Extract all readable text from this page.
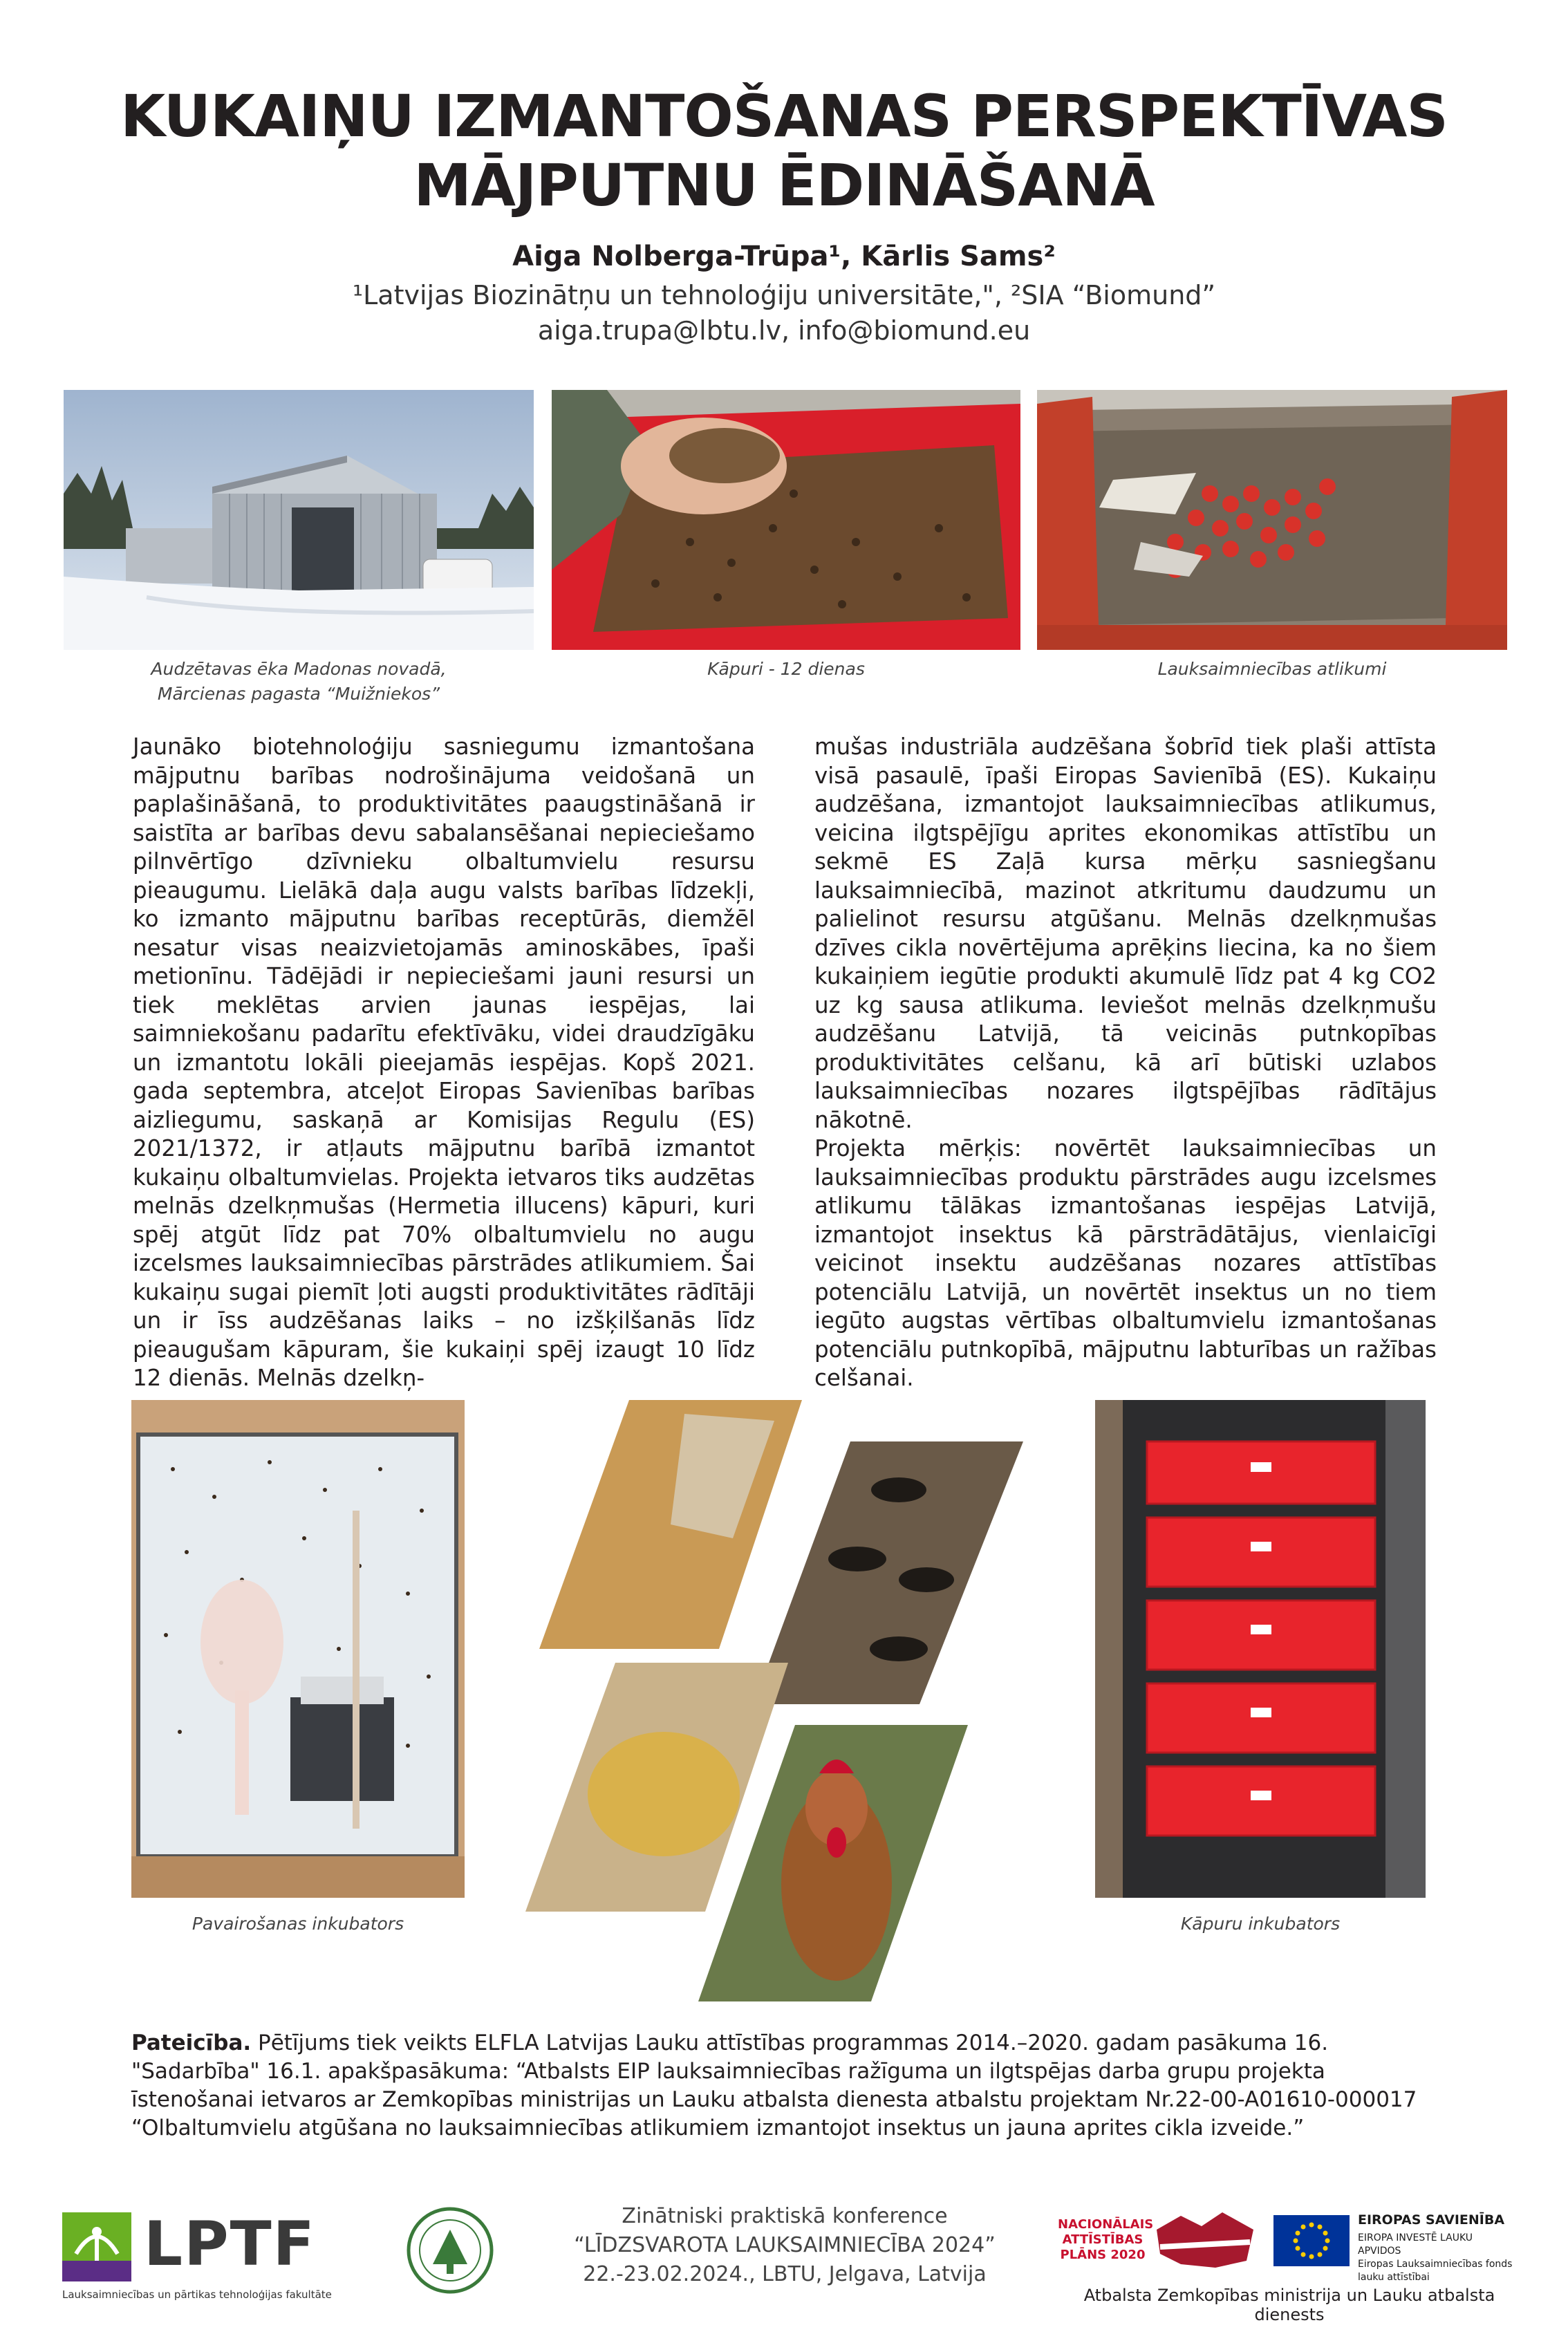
KUKAIŅU IZMANTOŠANAS PERSPEKTĪVAS
MĀJPUTNU ĒDINĀŠANĀ
Aiga Nolberga-Trūpa¹, Kārlis Sams²
¹Latvijas Biozinātņu un tehnoloģiju universitāte,", ²SIA “Biomund”
aiga.trupa@lbtu.lv, info@biomund.eu
Audzētavas ēka Madonas novadā,
Mārcienas pagasta “Muižniekos”
Kāpuri - 12 dienas	Lauksaimniecības atlikumi

Jaunāko biotehnoloģiju sasniegumu izmantošana mājputnu barības nodrošinājuma veidošanā un paplašināšanā, to produktivitātes paaugstināšanā ir saistīta ar barības devu sabalansēšanai nepieciešamo pilnvērtīgo dzīvnieku olbaltumvielu resursu pieaugumu. Lielākā daļa augu valsts barības līdzekļi, ko izmanto mājputnu barības receptūrās, diemžēl nesatur visas neaizvietojamās aminoskābes, īpaši metionīnu. Tādējādi ir nepieciešami jauni resursi un tiek meklētas arvien jaunas iespējas, lai saimniekošanu padarītu efektīvāku, videi draudzīgāku un izmantotu lokāli pieejamās iespējas. Kopš 2021. gada septembra, atceļot Eiropas Savienības barības aizliegumu, saskaņā ar Komisijas Regulu (ES) 2021/1372, ir atļauts mājputnu barībā izmantot kukaiņu olbaltumvielas. Projekta ietvaros tiks audzētas melnās dzelkņmušas (Hermetia illucens) kāpuri, kuri spēj atgūt līdz pat 70% olbaltumvielu no augu izcelsmes lauksaimniecības pārstrādes atlikumiem. Šai kukaiņu sugai piemīt ļoti augsti produktivitātes rādītāji un ir īss audzēšanas laiks – no izšķilšanās līdz pieaugušam kāpuram, šie kukaiņi spēj izaugt 10 līdz 12 dienās. Melnās dzelkņ-

mušas industriāla audzēšana šobrīd tiek plaši attīsta visā pasaulē, īpaši Eiropas Savienībā (ES). Kukaiņu audzēšana, izmantojot lauksaimniecības atlikumus, veicina ilgtspējīgu aprites ekonomikas attīstību un sekmē ES Zaļā kursa mērķu sasniegšanu lauksaimniecībā, mazinot atkritumu daudzumu un palielinot resursu atgūšanu. Melnās dzelkņmušas dzīves cikla novērtējuma aprēķins liecina, ka no šiem kukaiņiem iegūtie produkti akumulē līdz pat 4 kg CO2 uz kg sausa atlikuma. Ieviešot melnās dzelkņmušu audzēšanu Latvijā, tā veicinās putnkopības produktivitātes celšanu, kā arī būtiski uzlabos lauksaimniecības nozares ilgtspējības rādītājus nākotnē.

Projekta mērķis: novērtēt lauksaimniecības un lauksaimniecības produktu pārstrādes augu izcelsmes atlikumu tālākas izmantošanas iespējas Latvijā, izmantojot insektus kā pārstrādātājus, vienlaicīgi veicinot insektu audzēšanas nozares attīstības potenciālu Latvijā, un novērtēt insektus un no tiem iegūto augstas vērtības olbaltumvielu izmantošanas potenciālu putnkopībā, mājputnu labturības un ražības celšanai.

Pavairošanas inkubators	Kāpuru inkubators
Pateicība. Pētījums tiek veikts ELFLA Latvijas Lauku attīstības programmas 2014.–2020. gadam pasākuma 16. "Sadarbība" 16.1. apakšpasākuma: “Atbalsts EIP lauksaimniecības ražīguma un ilgtspējas darba grupu projekta īstenošanai ietvaros ar Zemkopības ministrijas un Lauku atbalsta dienesta atbalstu projektam Nr.22-00-A01610-000017 “Olbaltumvielu atgūšana no lauksaimniecības atlikumiem izmantojot insektus un jauna aprites cikla izveide.”
LPTF
Lauksaimniecības un pārtikas tehnoloģijas fakultāte
Zinātniski praktiskā konference
“LĪDZSVAROTA LAUKSAIMNIECĪBA 2024”
22.-23.02.2024., LBTU, Jelgava, Latvija
NACIONĀLAIS ATTĪSTĪBAS PLĀNS 2020
EIROPAS SAVIENĪBA
EIROPA INVESTĒ LAUKU APVIDOS
Eiropas Lauksaimniecības fonds lauku attīstībai
Atbalsta Zemkopības ministrija un Lauku atbalsta dienests
